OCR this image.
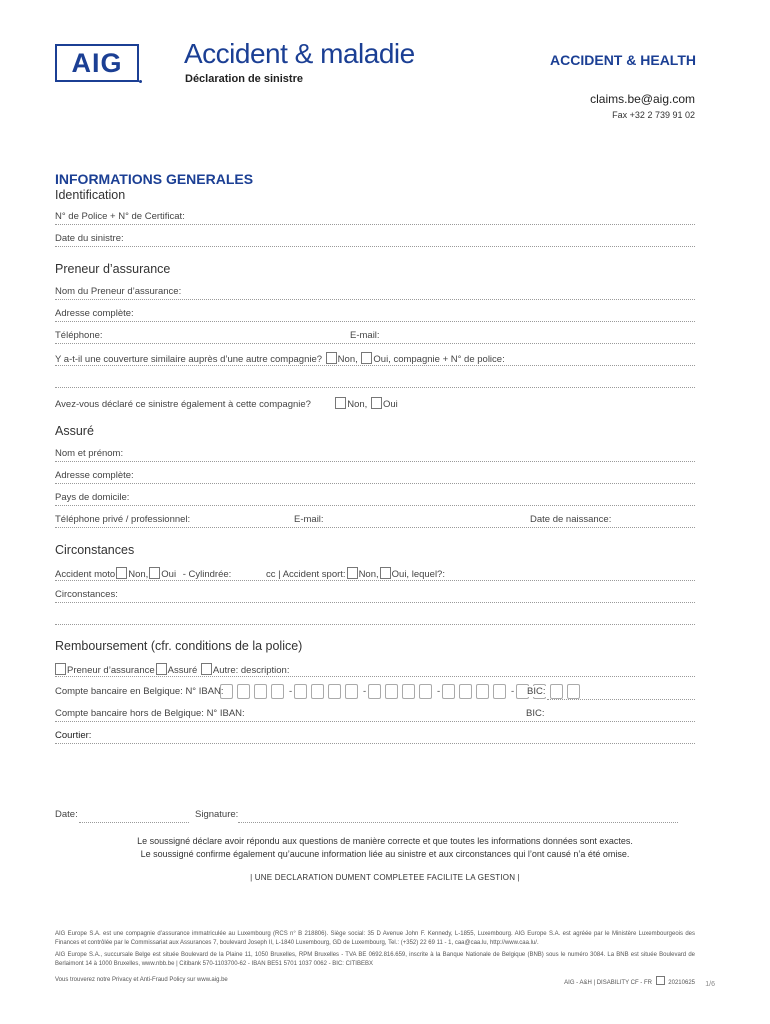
AIG Accident & maladie
Déclaration de sinistre
ACCIDENT & HEALTH
claims.be@aig.com
Fax +32 2 739 91 02
INFORMATIONS GENERALES
Identification
N° de Police + N° de Certificat:
Date du sinistre:
Preneur d’assurance
Nom du Preneur d’assurance:
Adresse complète:
Téléphone:	E-mail:
Y a-t-il une couverture similaire auprès d’une autre compagnie? Non, Oui, compagnie + N° de police:
Avez-vous déclaré ce sinistre également à cette compagnie?	Non, Oui
Assuré
Nom et prénom:
Adresse complète:
Pays de domicile:
Téléphone privé / professionnel:	E-mail:	Date de naissance:
Circonstances
Accident moto Non, Oui - Cylindrée:	cc | Accident sport: Non, Oui, lequel?:
Circonstances:
Remboursement (cfr. conditions de la police)
Preneur d’assurance Assuré Autre: description:
Compte bancaire en Belgique: N° IBAN:	-	-	-	- BIC:
Compte bancaire hors de Belgique: N° IBAN:	BIC:
Courtier:
Date:	Signature:
Le soussigné déclare avoir répondu aux questions de manière correcte et que toutes les informations données sont exactes.
Le soussigné confirme également qu’aucune information liée au sinistre et aux circonstances qui l’ont causé n’a été omise.
| UNE DECLARATION DUMENT COMPLETEE FACILITE LA GESTION |
AIG Europe S.A. est une compagnie d’assurance immatriculée au Luxembourg (RCS n° B 218806). Siège social: 35 D Avenue John F. Kennedy, L-1855, Luxembourg. AIG Europe S.A. est agréée par le Ministère Luxembourgeois des Finances et contrôlée par le Commissariat aux Assurances 7, boulevard Joseph II, L-1840 Luxembourg, GD de Luxembourg, Tel.: (+352) 22 69 11 - 1, caa@caa.lu, http://www.caa.lu/.
AIG Europe S.A., succursale Belge est située Boulevard de la Plaine 11, 1050 Bruxelles, RPM Bruxelles - TVA BE 0692.816.659, inscrite à la Banque Nationale de Belgique (BNB) sous le numéro 3084. La BNB est située Boulevard de Berlaimont 14 à 1000 Bruxelles, www.nbb.be | Citibank 570-1103700-62 - IBAN BE51 5701 1037 0062 - BIC: CITIBEBX
Vous trouverez notre Privacy et Anti-Fraud Policy sur www.aig.be	AIG - A&H | DISABILITY CF - FR	20210625 1/6
